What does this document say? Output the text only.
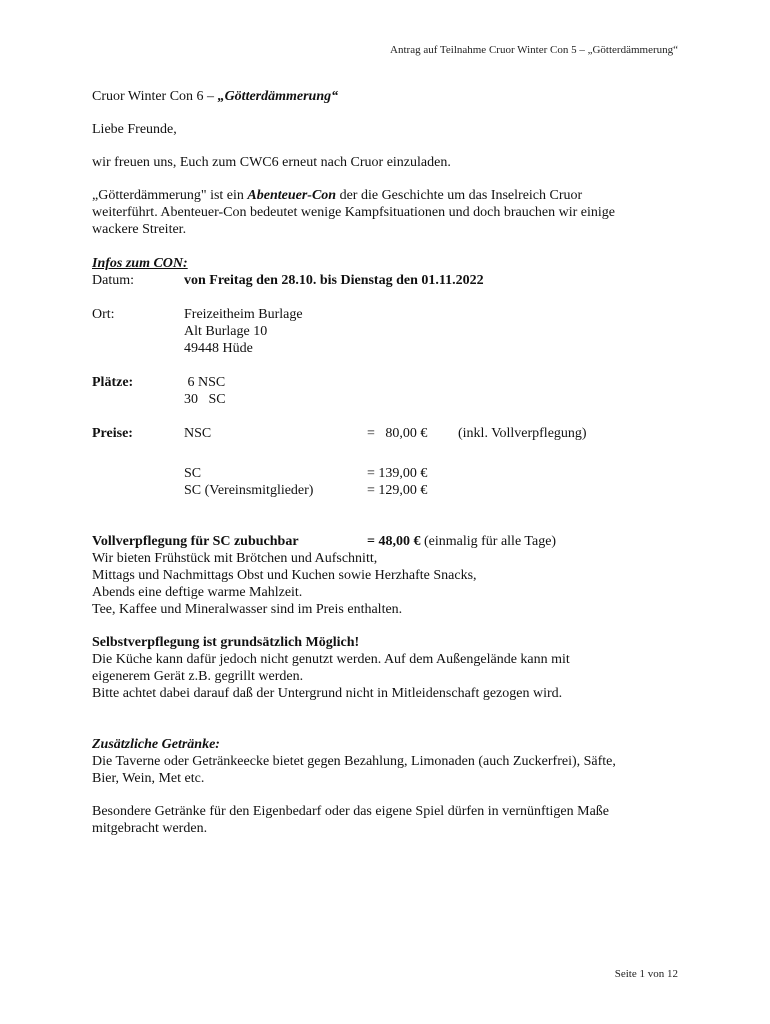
Antrag auf Teilnahme Cruor Winter Con 5 – „Götterdämmerung“

Cruor Winter Con 6 – „Götterdämmerung“

Liebe Freunde,

wir freuen uns, Euch zum CWC6 erneut nach Cruor einzuladen.

„Götterdämmerung" ist ein Abenteuer-Con der die Geschichte um das Inselreich Cruor

weiterführt. Abenteuer-Con bedeutet wenige Kampfsituationen und doch brauchen wir einige

wackere Streiter.

Infos zum CON:

Datum:	von Freitag den 28.10. bis Dienstag den 01.11.2022
Ort:	Freizeitheim Burlage
Alt Burlage 10
49448 Hüde
Plätze:	6 NSC
30   SC
Preise:	NSC	=   80,00 € (inkl. Vollverpflegung)
SC	= 139,00 €
SC (Vereinsmitglieder)	= 129,00 €
Vollverpflegung für SC zubuchbar	= 48,00 € (einmalig für alle Tage)

Wir bieten Frühstück mit Brötchen und Aufschnitt,

Mittags und Nachmittags Obst und Kuchen sowie Herzhafte Snacks,

Abends eine deftige warme Mahlzeit.

Tee, Kaffee und Mineralwasser sind im Preis enthalten.

Selbstverpflegung ist grundsätzlich Möglich!

Die Küche kann dafür jedoch nicht genutzt werden. Auf dem Außengelände kann mit

eigenerem Gerät z.B. gegrillt werden.

Bitte achtet dabei darauf daß der Untergrund nicht in Mitleidenschaft gezogen wird.

Zusätzliche Getränke:

Die Taverne oder Getränkeecke bietet gegen Bezahlung, Limonaden (auch Zuckerfrei), Säfte,

Bier, Wein, Met etc.

Besondere Getränke für den Eigenbedarf oder das eigene Spiel dürfen in vernünftigen Maße

mitgebracht werden.

Seite 1 von 12
